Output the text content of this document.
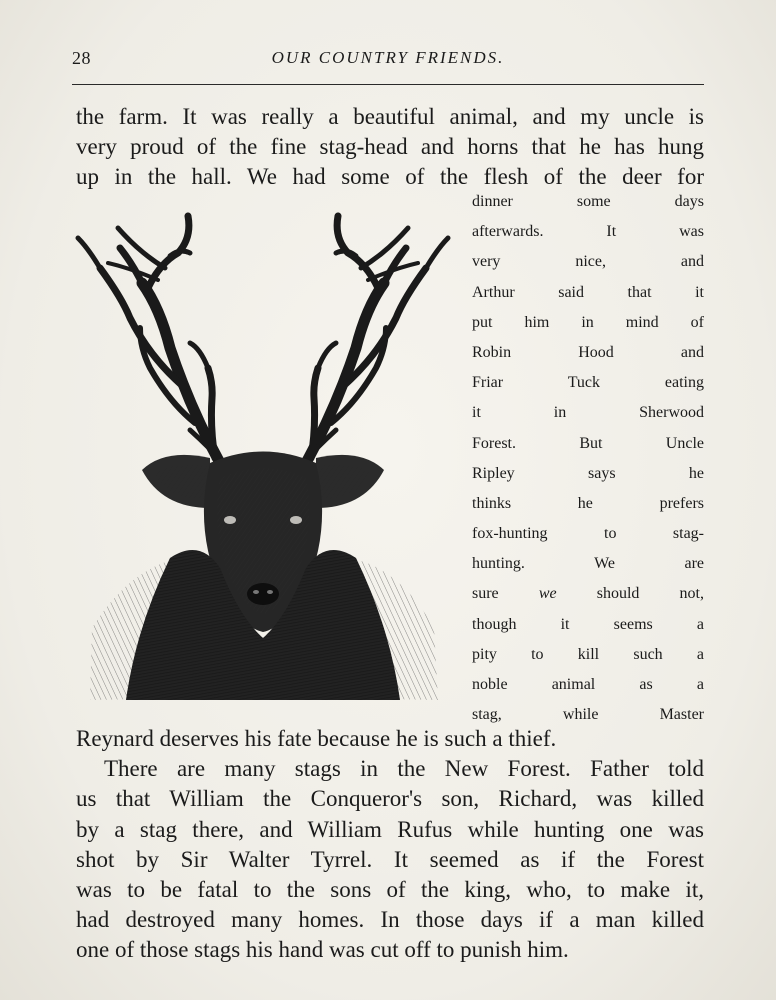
28	OUR COUNTRY FRIENDS.
the farm. It was really a beautiful animal, and my uncle is
very proud of the fine stag-head and horns that he has hung
up in the hall. We had some of the flesh of the deer for
dinner some days
afterwards. It was
very nice, and
Arthur said that it
put him in mind of
Robin Hood and
Friar Tuck eating
it in Sherwood
Forest. But Uncle
Ripley says he
thinks he prefers
fox-hunting to stag-
hunting. We are
sure we should not,
though it seems a
pity to kill such a
noble animal as a
stag, while Master
Reynard deserves his fate because he is such a thief.
There are many stags in the New Forest. Father told
us that William the Conqueror's son, Richard, was killed
by a stag there, and William Rufus while hunting one was
shot by Sir Walter Tyrrel. It seemed as if the Forest
was to be fatal to the sons of the king, who, to make it,
had destroyed many homes. In those days if a man killed
one of those stags his hand was cut off to punish him.
